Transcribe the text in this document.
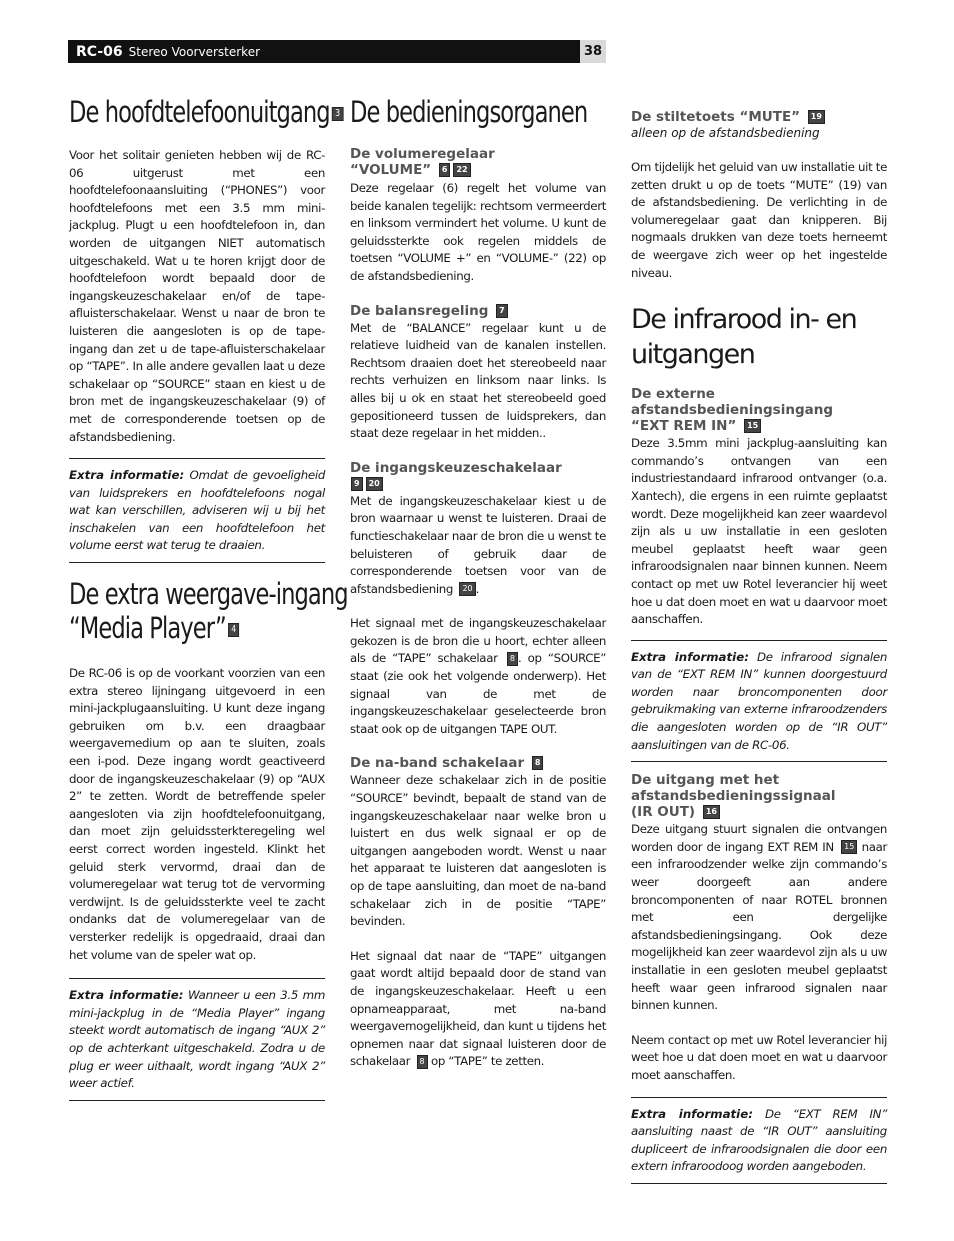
RC-06 Stereo Voorversterker	38
De hoofdtelefoonuitgang 3

Voor het solitair genieten hebben wij de RC-06 uitgerust met een hoofdtelefoonaansluiting (“PHONES”) voor hoofdtelefoons met een 3.5 mm mini-jackplug. Plugt u een hoofdtelefoon in, dan worden de uitgangen NIET automatisch uitgeschakeld. Wat u te horen krijgt door de hoofdtelefoon wordt bepaald door de ingangskeuzeschakelaar en/of de tape-afluisterschakelaar. Wenst u naar de bron te luisteren die aangesloten is op de tape-ingang dan zet u de tape-afluisterschakelaar op “TAPE”. In alle andere gevallen laat u deze schakelaar op “SOURCE” staan en kiest u de bron met de ingangskeuzeschakelaar (9) of met de corresponderende toetsen op de afstandsbediening.

Extra informatie: Omdat de gevoeligheid van luidsprekers en hoofdtelefoons nogal wat kan verschillen, adviseren wij u bij het inschakelen van een hoofdtelefoon het volume eerst wat terug te draaien.
De extra weergave-ingang
“Media Player” 4

De RC-06 is op de voorkant voorzien van een extra stereo lijningang uitgevoerd in een mini-jackplugaansluiting. U kunt deze ingang gebruiken om b.v. een draagbaar weergavemedium op aan te sluiten, zoals een i-pod. Deze ingang wordt geactiveerd door de ingangskeuzeschakelaar (9) op “AUX 2” te zetten. Wordt de betreffende speler aangesloten via zijn hoofdtelefoonuitgang, dan moet zijn geluidssterkteregeling wel eerst correct worden ingesteld. Klinkt het geluid sterk vervormd, draai dan de volumeregelaar wat terug tot de vervorming verdwijnt. Is de geluidssterkte veel te zacht ondanks dat de volumeregelaar van de versterker redelijk is opgedraaid, draai dan het volume van de speler wat op.

Extra informatie: Wanneer u een 3.5 mm mini-jackplug in de “Media Player” ingang steekt wordt automatisch de ingang “AUX 2” op de achterkant uitgeschakeld. Zodra u de plug er weer uithaalt, wordt ingang “AUX 2” weer actief.
De bedieningsorganen
De volumeregelaar
“VOLUME” 6 22

Deze regelaar (6) regelt het volume van beide kanalen tegelijk: rechtsom vermeerdert en linksom vermindert het volume. U kunt de geluidssterkte ook regelen middels de toetsen “VOLUME +” en “VOLUME-” (22) op de afstandsbediening.

De balansregeling 7

Met de “BALANCE” regelaar kunt u de relatieve luidheid van de kanalen instellen. Rechtsom draaien doet het stereobeeld naar rechts verhuizen en linksom naar links. Is alles bij u ok en staat het stereobeeld goed gepositioneerd tussen de luidsprekers, dan staat deze regelaar in het midden..

De ingangskeuzeschakelaar
9 20

Met de ingangskeuzeschakelaar kiest u de bron waarnaar u wenst te luisteren. Draai de functieschakelaar naar de bron die u wenst te beluisteren of gebruik daar de corresponderende toetsen voor van de afstandsbediening 20 .

Het signaal met de ingangskeuzeschakelaar gekozen is de bron die u hoort, echter alleen als de “TAPE” schakelaar 8 . op “SOURCE” staat (zie ook het volgende onderwerp). Het signaal van de met de ingangskeuzeschakelaar geselecteerde bron staat ook op de uitgangen TAPE OUT.

De na-band schakelaar 8

Wanneer deze schakelaar zich in de positie “SOURCE” bevindt, bepaalt de stand van de ingangskeuzeschakelaar naar welke bron u luistert en dus welk signaal er op de uitgangen aangeboden wordt. Wenst u naar het apparaat te luisteren dat aangesloten is op de tape aansluiting, dan moet de na-band schakelaar zich in de positie “TAPE” bevinden.

Het signaal dat naar de “TAPE” uitgangen gaat wordt altijd bepaald door de stand van de ingangskeuzeschakelaar. Heeft u een opnameapparaat, met na-band weergavemogelijkheid, dan kunt u tijdens het opnemen naar dat signaal luisteren door de schakelaar 8 op “TAPE” te zetten.

De stiltetoets “MUTE” 19
alleen op de afstandsbediening

Om tijdelijk het geluid van uw installatie uit te zetten drukt u op de toets “MUTE” (19) van de afstandsbediening. De verlichting in de volumeregelaar gaat dan knipperen. Bij nogmaals drukken van deze toets herneemt de weergave zich weer op het ingestelde niveau.

De infrarood in- en
uitgangen
De externe
afstandsbedieningsingang
“EXT REM IN” 15

Deze 3.5mm mini jackplug-aansluiting kan commando’s ontvangen van een industriestandaard infrarood ontvanger (o.a. Xantech), die ergens in een ruimte geplaatst wordt. Deze mogelijkheid kan zeer waardevol zijn als u uw installatie in een gesloten meubel geplaatst heeft waar geen infraroodsignalen naar binnen kunnen. Neem contact op met uw Rotel leverancier hij weet hoe u dat doen moet en wat u daarvoor moet aanschaffen.

Extra informatie: De infrarood signalen van de “EXT REM IN” kunnen doorgestuurd worden naar broncomponenten door gebruikmaking van externe infraroodzenders die aangesloten worden op de “IR OUT” aansluitingen van de RC-06.
De uitgang met het
afstandsbedieningssignaal
(IR OUT) 16

Deze uitgang stuurt signalen die ontvangen worden door de ingang EXT REM IN 15 naar een infraroodzender welke zijn commando’s weer doorgeeft aan andere broncomponenten of naar ROTEL bronnen met een dergelijke afstandsbedieningsingang. Ook deze mogelijkheid kan zeer waardevol zijn als u uw installatie in een gesloten meubel geplaatst heeft waar geen infrarood signalen naar binnen kunnen.

Neem contact op met uw Rotel leverancier hij weet hoe u dat doen moet en wat u daarvoor moet aanschaffen.

Extra informatie: De “EXT REM IN” aansluiting naast de “IR OUT” aansluiting dupliceert de infraroodsignalen die door een extern infraroodoog worden aangeboden.
